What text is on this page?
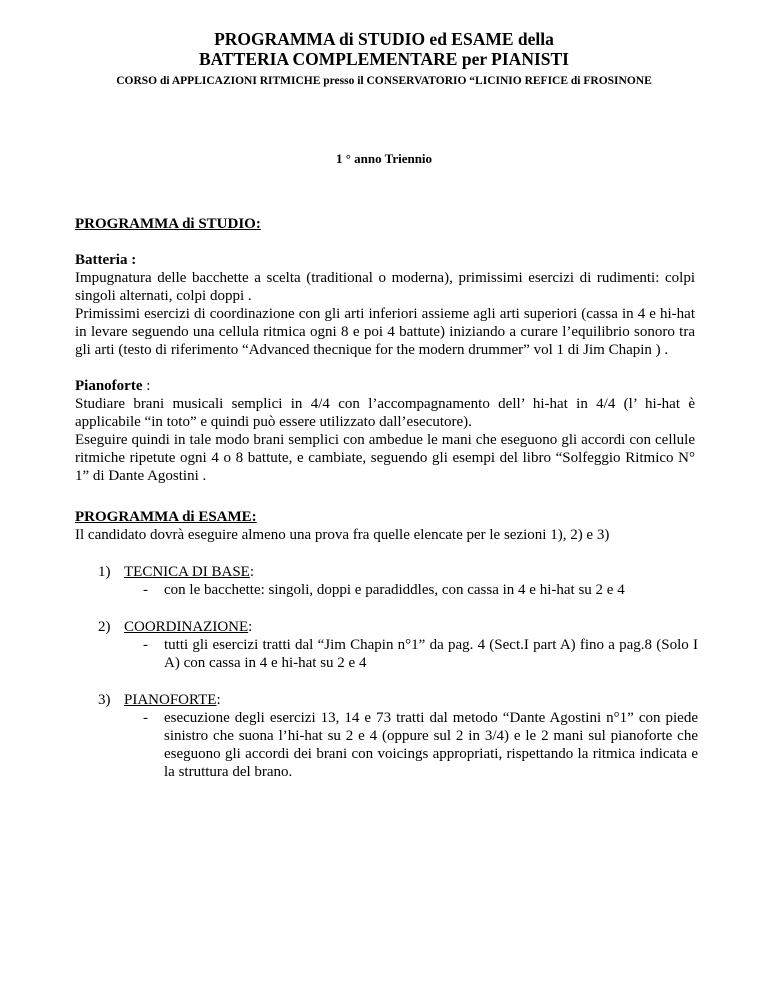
PROGRAMMA di STUDIO ed ESAME della
BATTERIA COMPLEMENTARE per PIANISTI
CORSO di APPLICAZIONI RITMICHE presso il CONSERVATORIO “LICINIO REFICE di FROSINONE
1 ° anno Triennio
PROGRAMMA di STUDIO:
Batteria :
Impugnatura delle bacchette a scelta (traditional o moderna), primissimi esercizi di rudimenti: colpi singoli alternati, colpi doppi .
Primissimi esercizi di coordinazione con gli arti inferiori assieme agli arti superiori (cassa in 4 e hi-hat in levare seguendo una cellula ritmica ogni 8 e poi 4 battute) iniziando a curare l’equilibrio sonoro tra gli arti (testo di riferimento “Advanced thecnique for the modern drummer” vol 1 di Jim Chapin ) .
Pianoforte :
Studiare brani musicali semplici in 4/4 con l’accompagnamento dell’ hi-hat in 4/4 (l’ hi-hat è applicabile “in toto” e quindi può essere utilizzato dall’esecutore).
Eseguire quindi in tale modo brani semplici con ambedue le mani che eseguono gli accordi con cellule ritmiche ripetute ogni 4 o 8 battute, e cambiate, seguendo gli esempi del libro “Solfeggio Ritmico N° 1” di Dante Agostini .
PROGRAMMA di ESAME:
Il candidato dovrà eseguire almeno una prova fra quelle elencate per le sezioni 1), 2) e 3)
1) TECNICA DI BASE:
- con le bacchette: singoli, doppi e paradiddles, con cassa in 4 e hi-hat su 2 e 4
2) COORDINAZIONE:
- tutti gli esercizi tratti dal “Jim Chapin n°1” da pag. 4 (Sect.I part A) fino a pag.8 (Solo I A) con cassa in 4 e hi-hat su 2 e 4
3) PIANOFORTE:
- esecuzione degli esercizi 13, 14 e 73 tratti dal metodo “Dante Agostini n°1” con piede sinistro che suona l’hi-hat su 2 e 4 (oppure sul 2 in 3/4) e le 2 mani sul pianoforte che eseguono gli accordi dei brani con voicings appropriati, rispettando la ritmica indicata e la struttura del brano.
